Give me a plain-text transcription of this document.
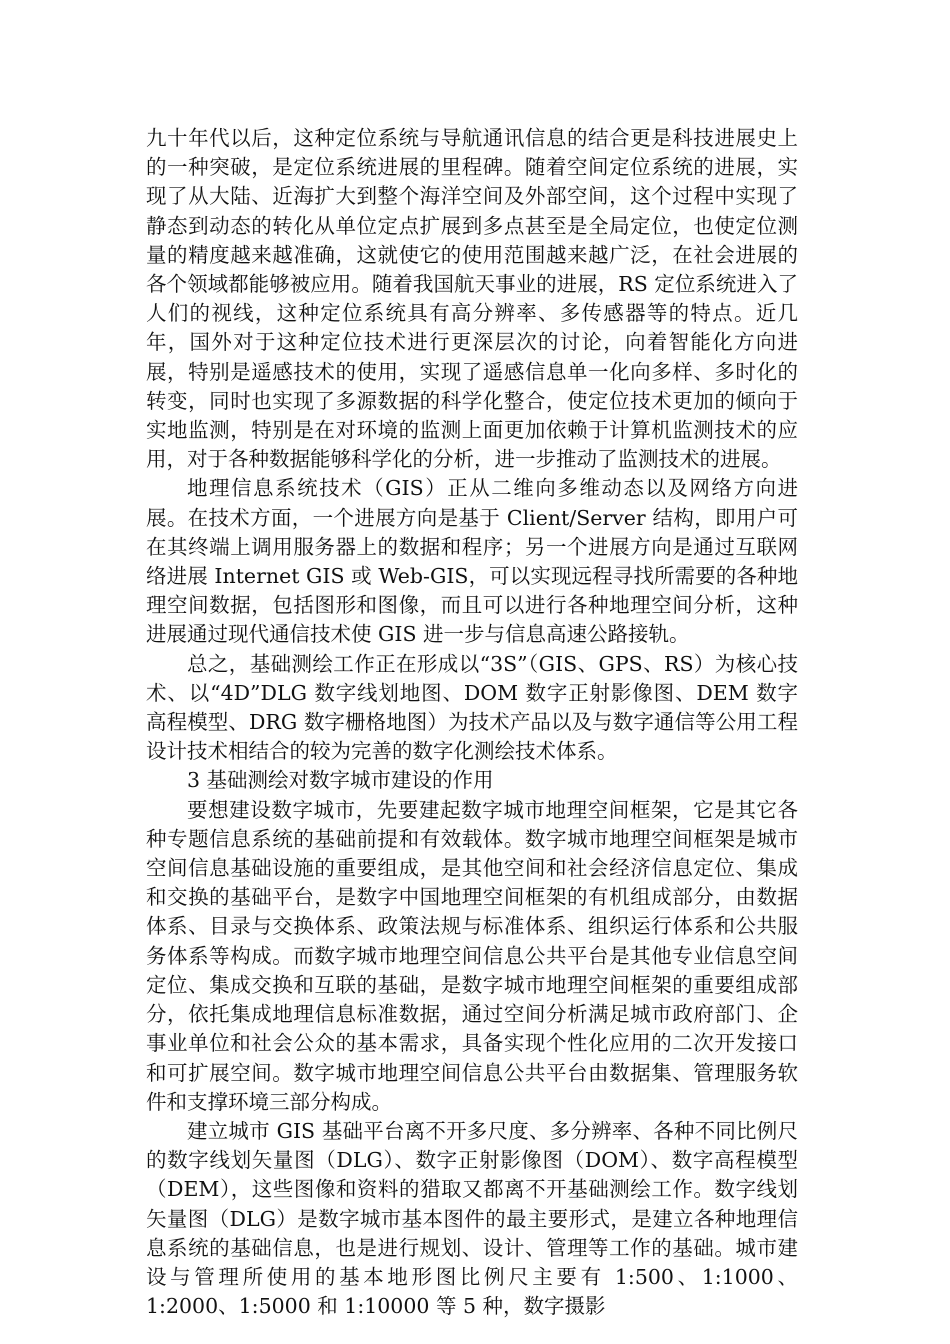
九十年代以后，这种定位系统与导航通讯信息的结合更是科技进展史上的一种突破，是定位系统进展的里程碑。随着空间定位系统的进展，实现了从大陆、近海扩大到整个海洋空间及外部空间，这个过程中实现了静态到动态的转化从单位定点扩展到多点甚至是全局定位，也使定位测量的精度越来越准确，这就使它的使用范围越来越广泛，在社会进展的各个领域都能够被应用。随着我国航天事业的进展，RS 定位系统进入了人们的视线，这种定位系统具有高分辨率、多传感器等的特点。近几年，国外对于这种定位技术进行更深层次的讨论，向着智能化方向进展，特别是遥感技术的使用，实现了遥感信息单一化向多样、多时化的转变，同时也实现了多源数据的科学化整合，使定位技术更加的倾向于实地监测，特别是在对环境的监测上面更加依赖于计算机监测技术的应用，对于各种数据能够科学化的分析，进一步推动了监测技术的进展。

地理信息系统技术（GIS）正从二维向多维动态以及网络方向进展。在技术方面，一个进展方向是基于 Client/Server 结构，即用户可在其终端上调用服务器上的数据和程序；另一个进展方向是通过互联网络进展 Internet GIS 或 Web-GIS，可以实现远程寻找所需要的各种地理空间数据，包括图形和图像，而且可以进行各种地理空间分析，这种进展通过现代通信技术使 GIS 进一步与信息高速公路接轨。

总之，基础测绘工作正在形成以“3S”（GIS、GPS、RS）为核心技术、以“4D”DLG 数字线划地图、DOM 数字正射影像图、DEM 数字高程模型、DRG 数字栅格地图）为技术产品以及与数字通信等公用工程设计技术相结合的较为完善的数字化测绘技术体系。

3 基础测绘对数字城市建设的作用

要想建设数字城市，先要建起数字城市地理空间框架，它是其它各种专题信息系统的基础前提和有效载体。数字城市地理空间框架是城市空间信息基础设施的重要组成，是其他空间和社会经济信息定位、集成和交换的基础平台，是数字中国地理空间框架的有机组成部分，由数据体系、目录与交换体系、政策法规与标准体系、组织运行体系和公共服务体系等构成。而数字城市地理空间信息公共平台是其他专业信息空间定位、集成交换和互联的基础，是数字城市地理空间框架的重要组成部分，依托集成地理信息标准数据，通过空间分析满足城市政府部门、企事业单位和社会公众的基本需求，具备实现个性化应用的二次开发接口和可扩展空间。数字城市地理空间信息公共平台由数据集、管理服务软件和支撑环境三部分构成。

建立城市 GIS 基础平台离不开多尺度、多分辨率、各种不同比例尺的数字线划矢量图（DLG）、数字正射影像图（DOM）、数字高程模型（DEM），这些图像和资料的猎取又都离不开基础测绘工作。数字线划矢量图（DLG）是数字城市基本图件的最主要形式，是建立各种地理信息系统的基础信息，也是进行规划、设计、管理等工作的基础。城市建设与管理所使用的基本地形图比例尺主要有 1:500、1:1000、1:2000、1:5000 和 1:10000 等 5 种，数字摄影
